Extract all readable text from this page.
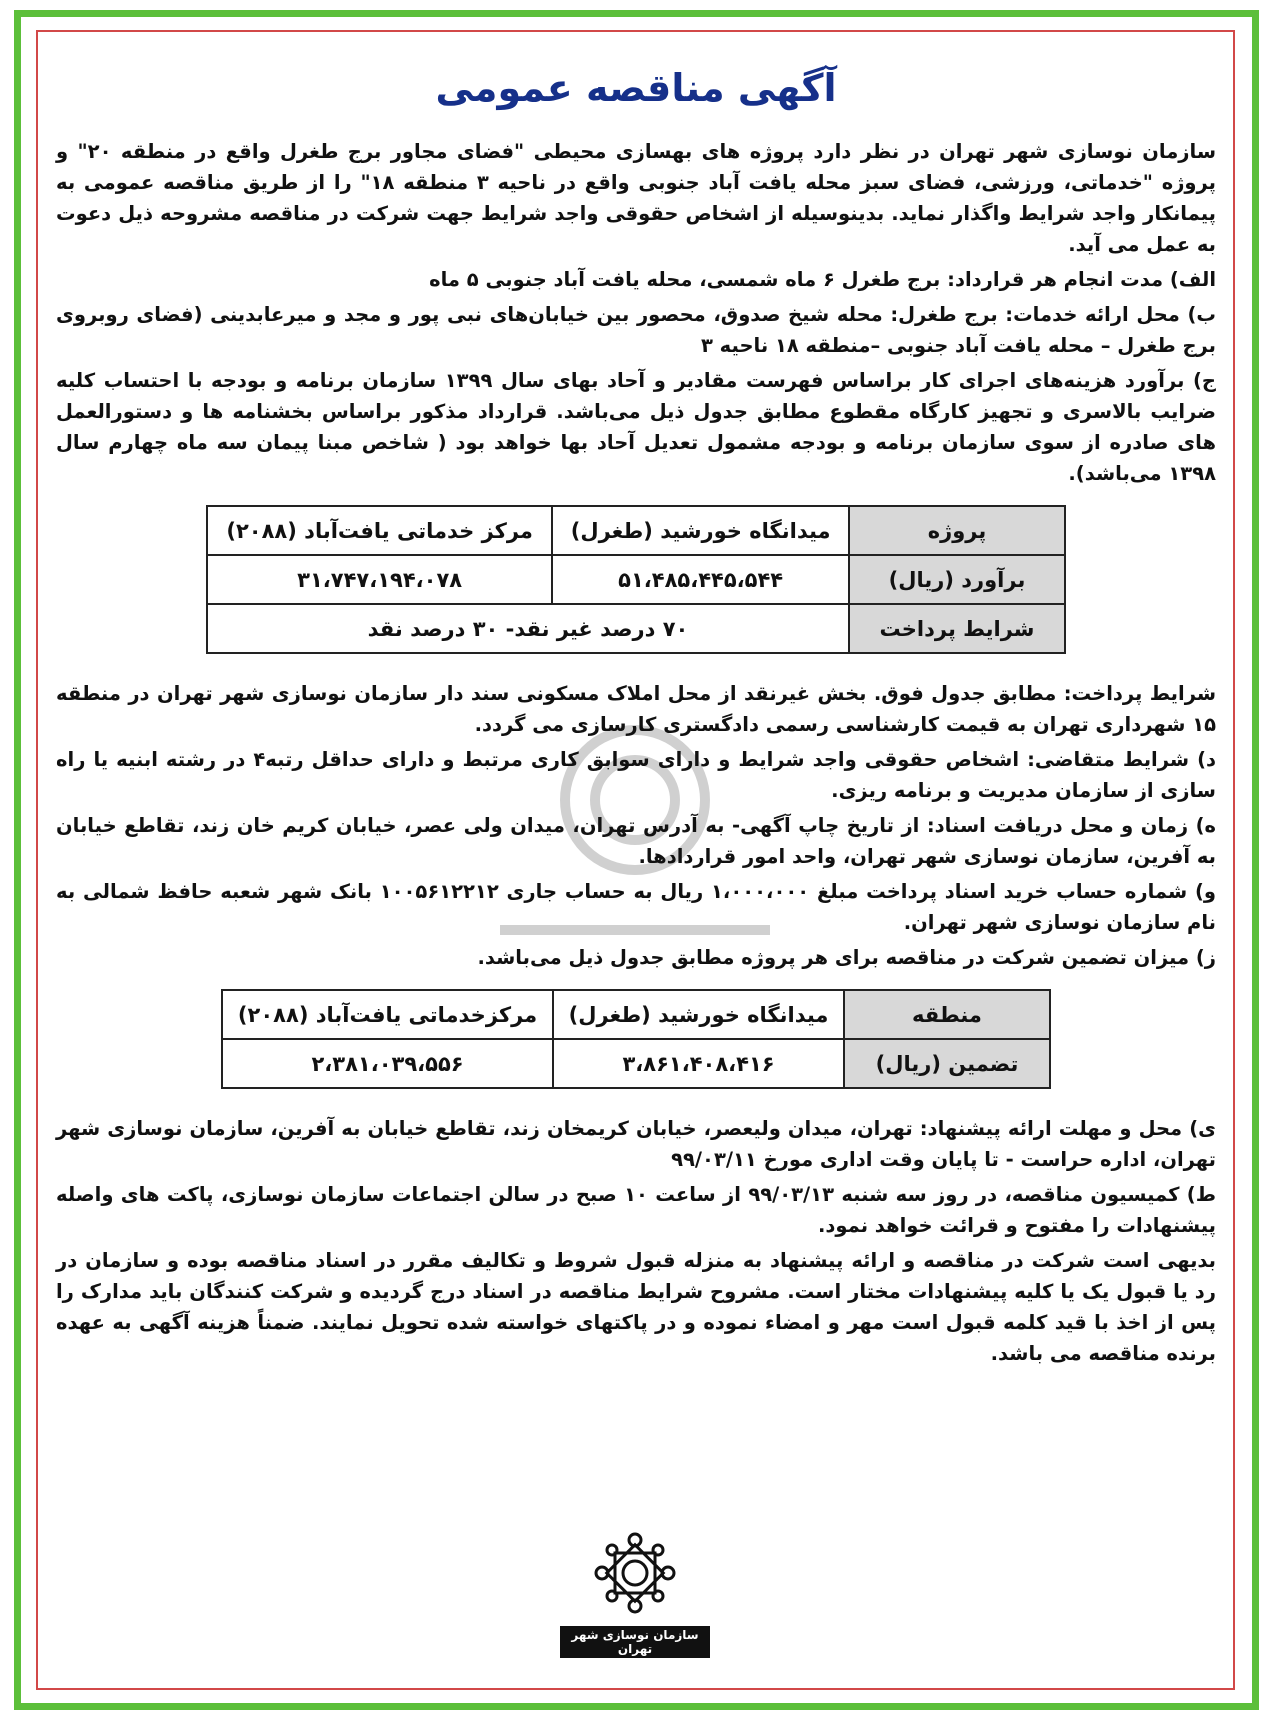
آگهی مناقصه عمومی

سازمان نوسازی شهر تهران در نظر دارد پروژه های بهسازی محیطی "فضای مجاور برج طغرل واقع در منطقه ۲۰" و پروژه "خدماتی، ورزشی، فضای سبز محله یافت آباد جنوبی واقع در ناحیه ۳ منطقه ۱۸" را از طریق مناقصه عمومی به پیمانکار واجد شرایط واگذار نماید. بدینوسیله از اشخاص حقوقی واجد شرایط جهت شرکت در مناقصه مشروحه ذیل دعوت به عمل می آید.

الف) مدت انجام هر قرارداد: برج طغرل ۶ ماه شمسی، محله یافت آباد جنوبی ۵ ماه

ب) محل ارائه خدمات: برج طغرل: محله شیخ صدوق، محصور بین خیابان‌های نبی پور و مجد و میرعابدینی (فضای روبروی برج طغرل – محله یافت آباد جنوبی –منطقه ۱۸ ناحیه ۳

ج) برآورد هزینه‌های اجرای کار براساس فهرست مقادیر و آحاد بهای سال ۱۳۹۹ سازمان برنامه و بودجه با احتساب کلیه ضرایب بالاسری و تجهیز کارگاه مقطوع مطابق جدول ذیل می‌باشد. قرارداد مذکور براساس بخشنامه ها و دستورالعمل های صادره از سوی سازمان برنامه و بودجه مشمول تعدیل آحاد بها خواهد بود ( شاخص مبنا پیمان سه ماه چهارم سال ۱۳۹۸ می‌باشد).

پروژه	میدانگاه خورشید (طغرل)	مرکز خدماتی یافت‌آباد (۲۰۸۸)
برآورد (ریال)	۵۱،۴۸۵،۴۴۵،۵۴۴	۳۱،۷۴۷،۱۹۴،۰۷۸
شرایط پرداخت	۷۰ درصد غیر نقد- ۳۰ درصد نقد	

شرایط پرداخت: مطابق جدول فوق. بخش غیرنقد از محل املاک مسکونی سند دار سازمان نوسازی شهر تهران در منطقه ۱۵ شهرداری تهران به قیمت کارشناسی رسمی دادگستری کارسازی می گردد.

د) شرایط متقاضی: اشخاص حقوقی واجد شرایط و دارای سوابق کاری مرتبط و دارای حداقل رتبه۴ در رشته ابنیه یا راه سازی از سازمان مدیریت و برنامه ریزی.

ه) زمان و محل دریافت اسناد: از تاریخ چاپ آگهی- به آدرس تهران، میدان ولی عصر، خیابان کریم خان زند، تقاطع خیابان به آفرین، سازمان نوسازی شهر تهران، واحد امور قراردادها.

و) شماره حساب خرید اسناد پرداخت مبلغ ۱،۰۰۰،۰۰۰ ریال به حساب جاری ۱۰۰۵۶۱۲۲۱۲ بانک شهر شعبه حافظ شمالی به نام سازمان نوسازی شهر تهران.

ز) میزان تضمین شرکت در مناقصه برای هر پروژه مطابق جدول ذیل می‌باشد.

منطقه	میدانگاه خورشید (طغرل)	مرکزخدماتی یافت‌آباد (۲۰۸۸)
تضمین (ریال)	۳،۸۶۱،۴۰۸،۴۱۶	۲،۳۸۱،۰۳۹،۵۵۶

ی) محل و مهلت ارائه پیشنهاد: تهران، میدان ولیعصر، خیابان کریمخان زند، تقاطع خیابان به آفرین، سازمان نوسازی شهر تهران، اداره حراست - تا پایان وقت اداری مورخ ۹۹/۰۳/۱۱

ط) کمیسیون مناقصه، در روز سه شنبه ۹۹/۰۳/۱۳ از ساعت ۱۰ صبح در سالن اجتماعات سازمان نوسازی، پاکت های واصله پیشنهادات را مفتوح و قرائت خواهد نمود.

بدیهی است شرکت در مناقصه و ارائه پیشنهاد به منزله قبول شروط و تکالیف مقرر در اسناد مناقصه بوده و سازمان در رد یا قبول یک یا کلیه پیشنهادات مختار است. مشروح شرایط مناقصه در اسناد درج گردیده و شرکت کنندگان باید مدارک را پس از اخذ با قید کلمه قبول است مهر و امضاء نموده و در پاکتهای خواسته شده تحویل نمایند. ضمناً هزینه آگهی به عهده برنده مناقصه می باشد.

سازمان نوسازی شهر تهران
